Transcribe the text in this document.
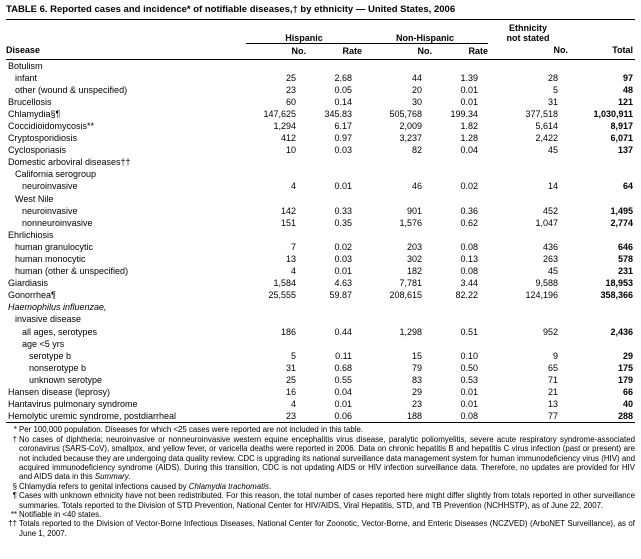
TABLE 6. Reported cases and incidence* of notifiable diseases,† by ethnicity — United States, 2006
	Hispanic		Non-Hispanic		Ethnicity
not stated	
Disease	No.	Rate	No.	Rate	No.	Total
Botulism						
infant	25	2.68	44	1.39	28	97
other (wound & unspecified)	23	0.05	20	0.01	5	48
Brucellosis	60	0.14	30	0.01	31	121
Chlamydia§¶	147,625	345.83	505,768	199.34	377,518	1,030,911
Coccidioidomycosis**	1,294	6.17	2,009	1.82	5,614	8,917
Cryptosporidiosis	412	0.97	3,237	1.28	2,422	6,071
Cyclosporiasis	10	0.03	82	0.04	45	137
Domestic arboviral diseases††						
California serogroup						
neuroinvasive	4	0.01	46	0.02	14	64
West Nile						
neuroinvasive	142	0.33	901	0.36	452	1,495
nonneuroinvasive	151	0.35	1,576	0.62	1,047	2,774
Ehrlichiosis						
human granulocytic	7	0.02	203	0.08	436	646
human monocytic	13	0.03	302	0.13	263	578
human (other & unspecified)	4	0.01	182	0.08	45	231
Giardiasis	1,584	4.63	7,781	3.44	9,588	18,953
Gonorrhea¶	25,555	59.87	208,615	82.22	124,196	358,366
Haemophilus influenzae,						
invasive disease						
all ages, serotypes	186	0.44	1,298	0.51	952	2,436
age <5 yrs						
serotype b	5	0.11	15	0.10	9	29
nonserotype b	31	0.68	79	0.50	65	175
unknown serotype	25	0.55	83	0.53	71	179
Hansen disease (leprosy)	16	0.04	29	0.01	21	66
Hantavirus pulmonary syndrome	4	0.01	23	0.01	13	40
Hemolytic uremic syndrome, postdiarrheal	23	0.06	188	0.08	77	288
* Per 100,000 population. Diseases for which <25 cases were reported are not included in this table.
† No cases of diphtheria; neuroinvasive or nonneuroinvasive western equine encephalitis virus disease, paralytic poliomyelitis, severe acute respiratory syndrome-associated coronavirus (SARS-CoV), smallpox, and yellow fever, or varicella deaths were reported in 2006. Data on chronic hepatitis B and hepatitis C virus infection (past or present) are not included because they are undergoing data quality review. CDC is upgrading its national surveillance data management system for human immunodeficiency virus (HIV) and acquired immunodeficiency syndrome (AIDS). During this transition, CDC is not updating AIDS or HIV infection surveillance data. Therefore, no updates are provided for HIV and AIDS data in this Summary.
§ Chlamydia refers to genital infections caused by Chlamydia trachomatis.
¶ Cases with unknown ethnicity have not been redistributed. For this reason, the total number of cases reported here might differ slightly from totals reported in other surveillance summaries. Totals reported to the Division of STD Prevention, National Center for HIV/AIDS, Viral Hepatitis, STD, and TB Prevention (NCHHSTP), as of June 22, 2007.
** Notifiable in <40 states.
†† Totals reported to the Division of Vector-Borne Infectious Diseases, National Center for Zoonotic, Vector-Borne, and Enteric Diseases (NCZVED) (ArboNET Surveillance), as of June 1, 2007.
